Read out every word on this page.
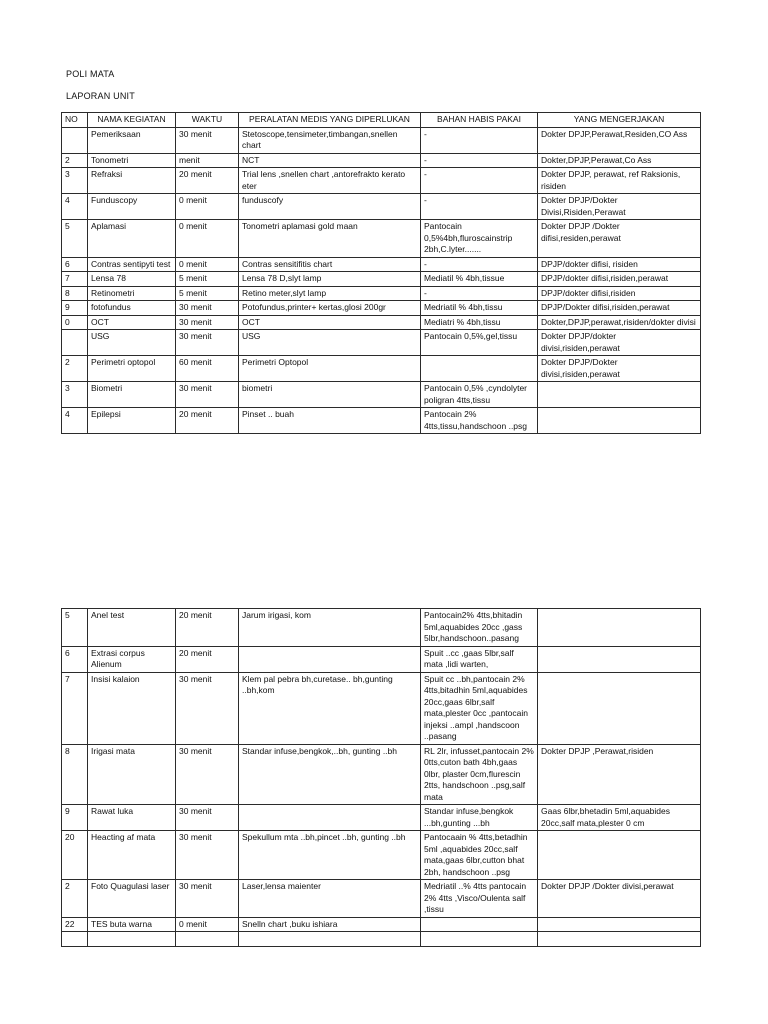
POLI MATA
LAPORAN UNIT
NO	NAMA KEGIATAN	WAKTU	PERALATAN MEDIS YANG DIPERLUKAN	BAHAN HABIS PAKAI	YANG MENGERJAKAN
	Pemeriksaan	30 menit	Stetoscope,tensimeter,timbangan,snellen chart	-	Dokter DPJP,Perawat,Residen,CO Ass
2	Tonometri	menit	NCT	-	Dokter,DPJP,Perawat,Co Ass
3	Refraksi	20 menit	Trial lens ,snellen chart ,antorefrakto kerato eter	-	Dokter DPJP, perawat, ref Raksionis, risiden
4	Funduscopy	0 menit	funduscofy	-	Dokter DPJP/Dokter Divisi,Risiden,Perawat
5	Aplamasi	0 menit	Tonometri aplamasi gold maan	Pantocain 0,5%4bh,fluroscainstrip 2bh,C.lyter.......	Dokter DPJP /Dokter difisi,residen,perawat
6	Contras sentipyti test	0 menit	Contras sensitifitis chart	-	DPJP/dokter difisi, risiden
7	Lensa 78	5 menit	Lensa 78 D,slyt lamp	Mediatil % 4bh,tissue	DPJP/dokter difisi,risiden,perawat
8	Retinometri	5 menit	Retino meter,slyt lamp	-	DPJP/dokter difisi,risiden
9	fotofundus	30 menit	Potofundus,printer+ kertas,glosi 200gr	Medriatil % 4bh,tissu	DPJP/Dokter difisi,risiden,perawat
0	OCT	30 menit	OCT	Mediatri % 4bh,tissu	Dokter,DPJP,perawat,risiden/dokter divisi
	USG	30 menit	USG	Pantocain 0,5%,gel,tissu	Dokter DPJP/dokter divisi,risiden,perawat
2	Perimetri optopol	60 menit	Perimetri Optopol		Dokter DPJP/Dokter divisi,risiden,perawat
3	Biometri	30 menit	biometri	Pantocain 0,5% ,cyndolyter poligran 4tts,tissu	
4	Epilepsi	20 menit	Pinset .. buah	Pantocain 2% 4tts,tissu,handschoon ..psg	
5	Anel test	20 menit	Jarum irigasi, kom	Pantocain2% 4tts,bhitadin 5ml,aquabides 20cc ,gass 5lbr,handschoon..pasang	
6	Extrasi corpus Alienum	20 menit		Spuit ..cc ,gaas 5lbr,salf mata ,lidi warten,	
7	Insisi kalaion	30 menit	Klem pal pebra bh,curetase.. bh,gunting ..bh,kom	Spuit cc ..bh,pantocain 2% 4tts,bitadhin 5ml,aquabides 20cc,gaas 6lbr,salf mata,plester 0cc ,pantocain injeksi ..ampl ,handscoon ..pasang	
8	Irigasi mata	30 menit	Standar infuse,bengkok,..bh, gunting ..bh	RL 2lr, infusset,pantocain 2% 0tts,cuton bath 4bh,gaas 0lbr, plaster 0cm,flurescin 2tts, handschoon ..psg,salf mata	Dokter DPJP ,Perawat,risiden
9	Rawat luka	30 menit		Standar infuse,bengkok ...bh,gunting ...bh	Gaas 6lbr,bhetadin 5ml,aquabides 20cc,salf mata,plester 0 cm
20	Heacting af mata	30 menit	Spekullum mta ..bh,pincet ..bh, gunting ..bh	Pantocaain % 4tts,betadhin 5ml ,aquabides 20cc,salf mata,gaas 6lbr,cutton bhat 2bh, handschoon ..psg	
2	Foto Quagulasi laser	30 menit	Laser,lensa maienter	Medriatil ..% 4tts pantocain 2% 4tts ,Visco/Oulenta salf ,tissu	Dokter DPJP /Dokter divisi,perawat
22	TES buta warna	0 menit	Snelln chart ,buku ishiara		
